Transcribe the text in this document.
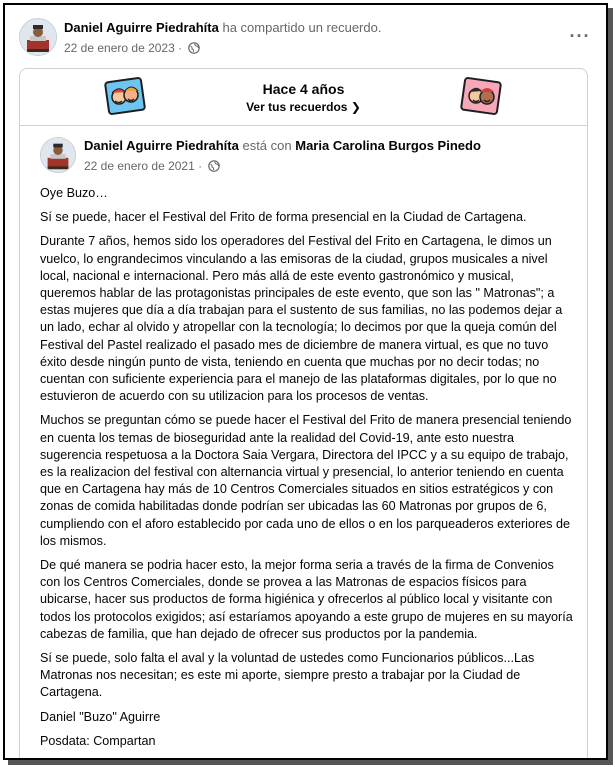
Daniel Aguirre Piedrahíta ha compartido un recuerdo.
22 de enero de 2023 ·
···
Hace 4 años
Ver tus recuerdos ❯
Daniel Aguirre Piedrahíta está con Maria Carolina Burgos Pinedo
22 de enero de 2021 ·

Oye Buzo…

Sí se puede, hacer el Festival del Frito de forma presencial en la Ciudad de Cartagena.

Durante 7 años, hemos sido los operadores del Festival del Frito en Cartagena, le dimos un vuelco, lo engrandecimos vinculando a las emisoras de la ciudad, grupos musicales a nivel local, nacional e internacional. Pero más allá de este evento gastronómico y musical, queremos hablar de las protagonistas principales de este evento, que son las " Matronas"; a estas mujeres que día a día trabajan para el sustento de sus familias, no las podemos dejar a un lado, echar al olvido y atropellar con la tecnología; lo decimos por que la queja común del Festival del Pastel realizado el pasado mes de diciembre de manera virtual, es que no tuvo éxito desde ningún punto de vista, teniendo en cuenta que muchas por no decir todas; no cuentan con suficiente experiencia para el manejo de las plataformas digitales, por lo que no estuvieron de acuerdo con su utilizacion para los procesos de ventas.

Muchos se preguntan cómo se puede hacer el Festival del Frito de manera presencial teniendo en cuenta los temas de bioseguridad ante la realidad del Covid-19, ante esto nuestra sugerencia respetuosa a la Doctora Saia Vergara, Directora del IPCC y a su equipo de trabajo, es la realizacion del festival con alternancia virtual y presencial, lo anterior teniendo en cuenta que en Cartagena hay más de 10 Centros Comerciales situados en sitios estratégicos y con zonas de comida habilitadas donde podrían ser ubicadas las 60 Matronas por grupos de 6, cumpliendo con el aforo establecido por cada uno de ellos o en los parqueaderos exteriores de los mismos.

De qué manera se podria hacer esto, la mejor forma seria a través de la firma de Convenios con los Centros Comerciales, donde se provea a las Matronas de espacios físicos para ubicarse, hacer sus productos de forma higiénica y ofrecerlos al público local y visitante con todos los protocolos exigidos; así estaríamos apoyando a este grupo de mujeres en su mayoría cabezas de familia, que han dejado de ofrecer sus productos por la pandemia.

Sí se puede, solo falta el aval y la voluntad de ustedes como Funcionarios públicos...Las Matronas nos necesitan; es este mi aporte, siempre presto a trabajar por la Ciudad de Cartagena.

Daniel "Buzo" Aguirre

Posdata: Compartan
